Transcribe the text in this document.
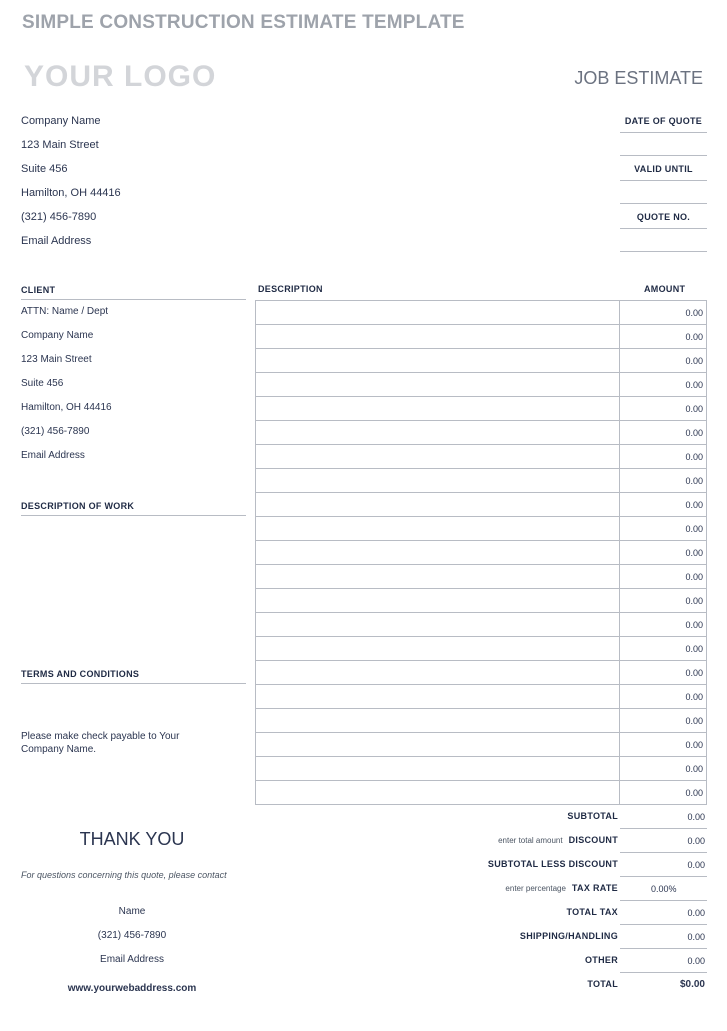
SIMPLE CONSTRUCTION ESTIMATE TEMPLATE
YOUR LOGO	JOB ESTIMATE
Company Name
123 Main Street
Suite 456
Hamilton, OH 44416
(321) 456-7890
Email Address
DATE OF QUOTE
VALID UNTIL
QUOTE NO.
CLIENT
ATTN: Name / Dept
Company Name
123 Main Street
Suite 456
Hamilton, OH 44416
(321) 456-7890
Email Address
DESCRIPTION OF WORK
TERMS AND CONDITIONS
Please make check payable to Your
Company Name.
DESCRIPTION	AMOUNT
	0.00
	0.00
	0.00
	0.00
	0.00
	0.00
	0.00
	0.00
	0.00
	0.00
	0.00
	0.00
	0.00
	0.00
	0.00
	0.00
	0.00
	0.00
	0.00
	0.00
	0.00
SUBTOTAL	0.00
enter total amount DISCOUNT	0.00
SUBTOTAL LESS DISCOUNT	0.00
enter percentage TAX RATE	0.00%
TOTAL TAX	0.00
SHIPPING/HANDLING	0.00
OTHER	0.00
TOTAL	$0.00
THANK YOU
For questions concerning this quote, please contact
Name
(321) 456-7890
Email Address
www.yourwebaddress.com
